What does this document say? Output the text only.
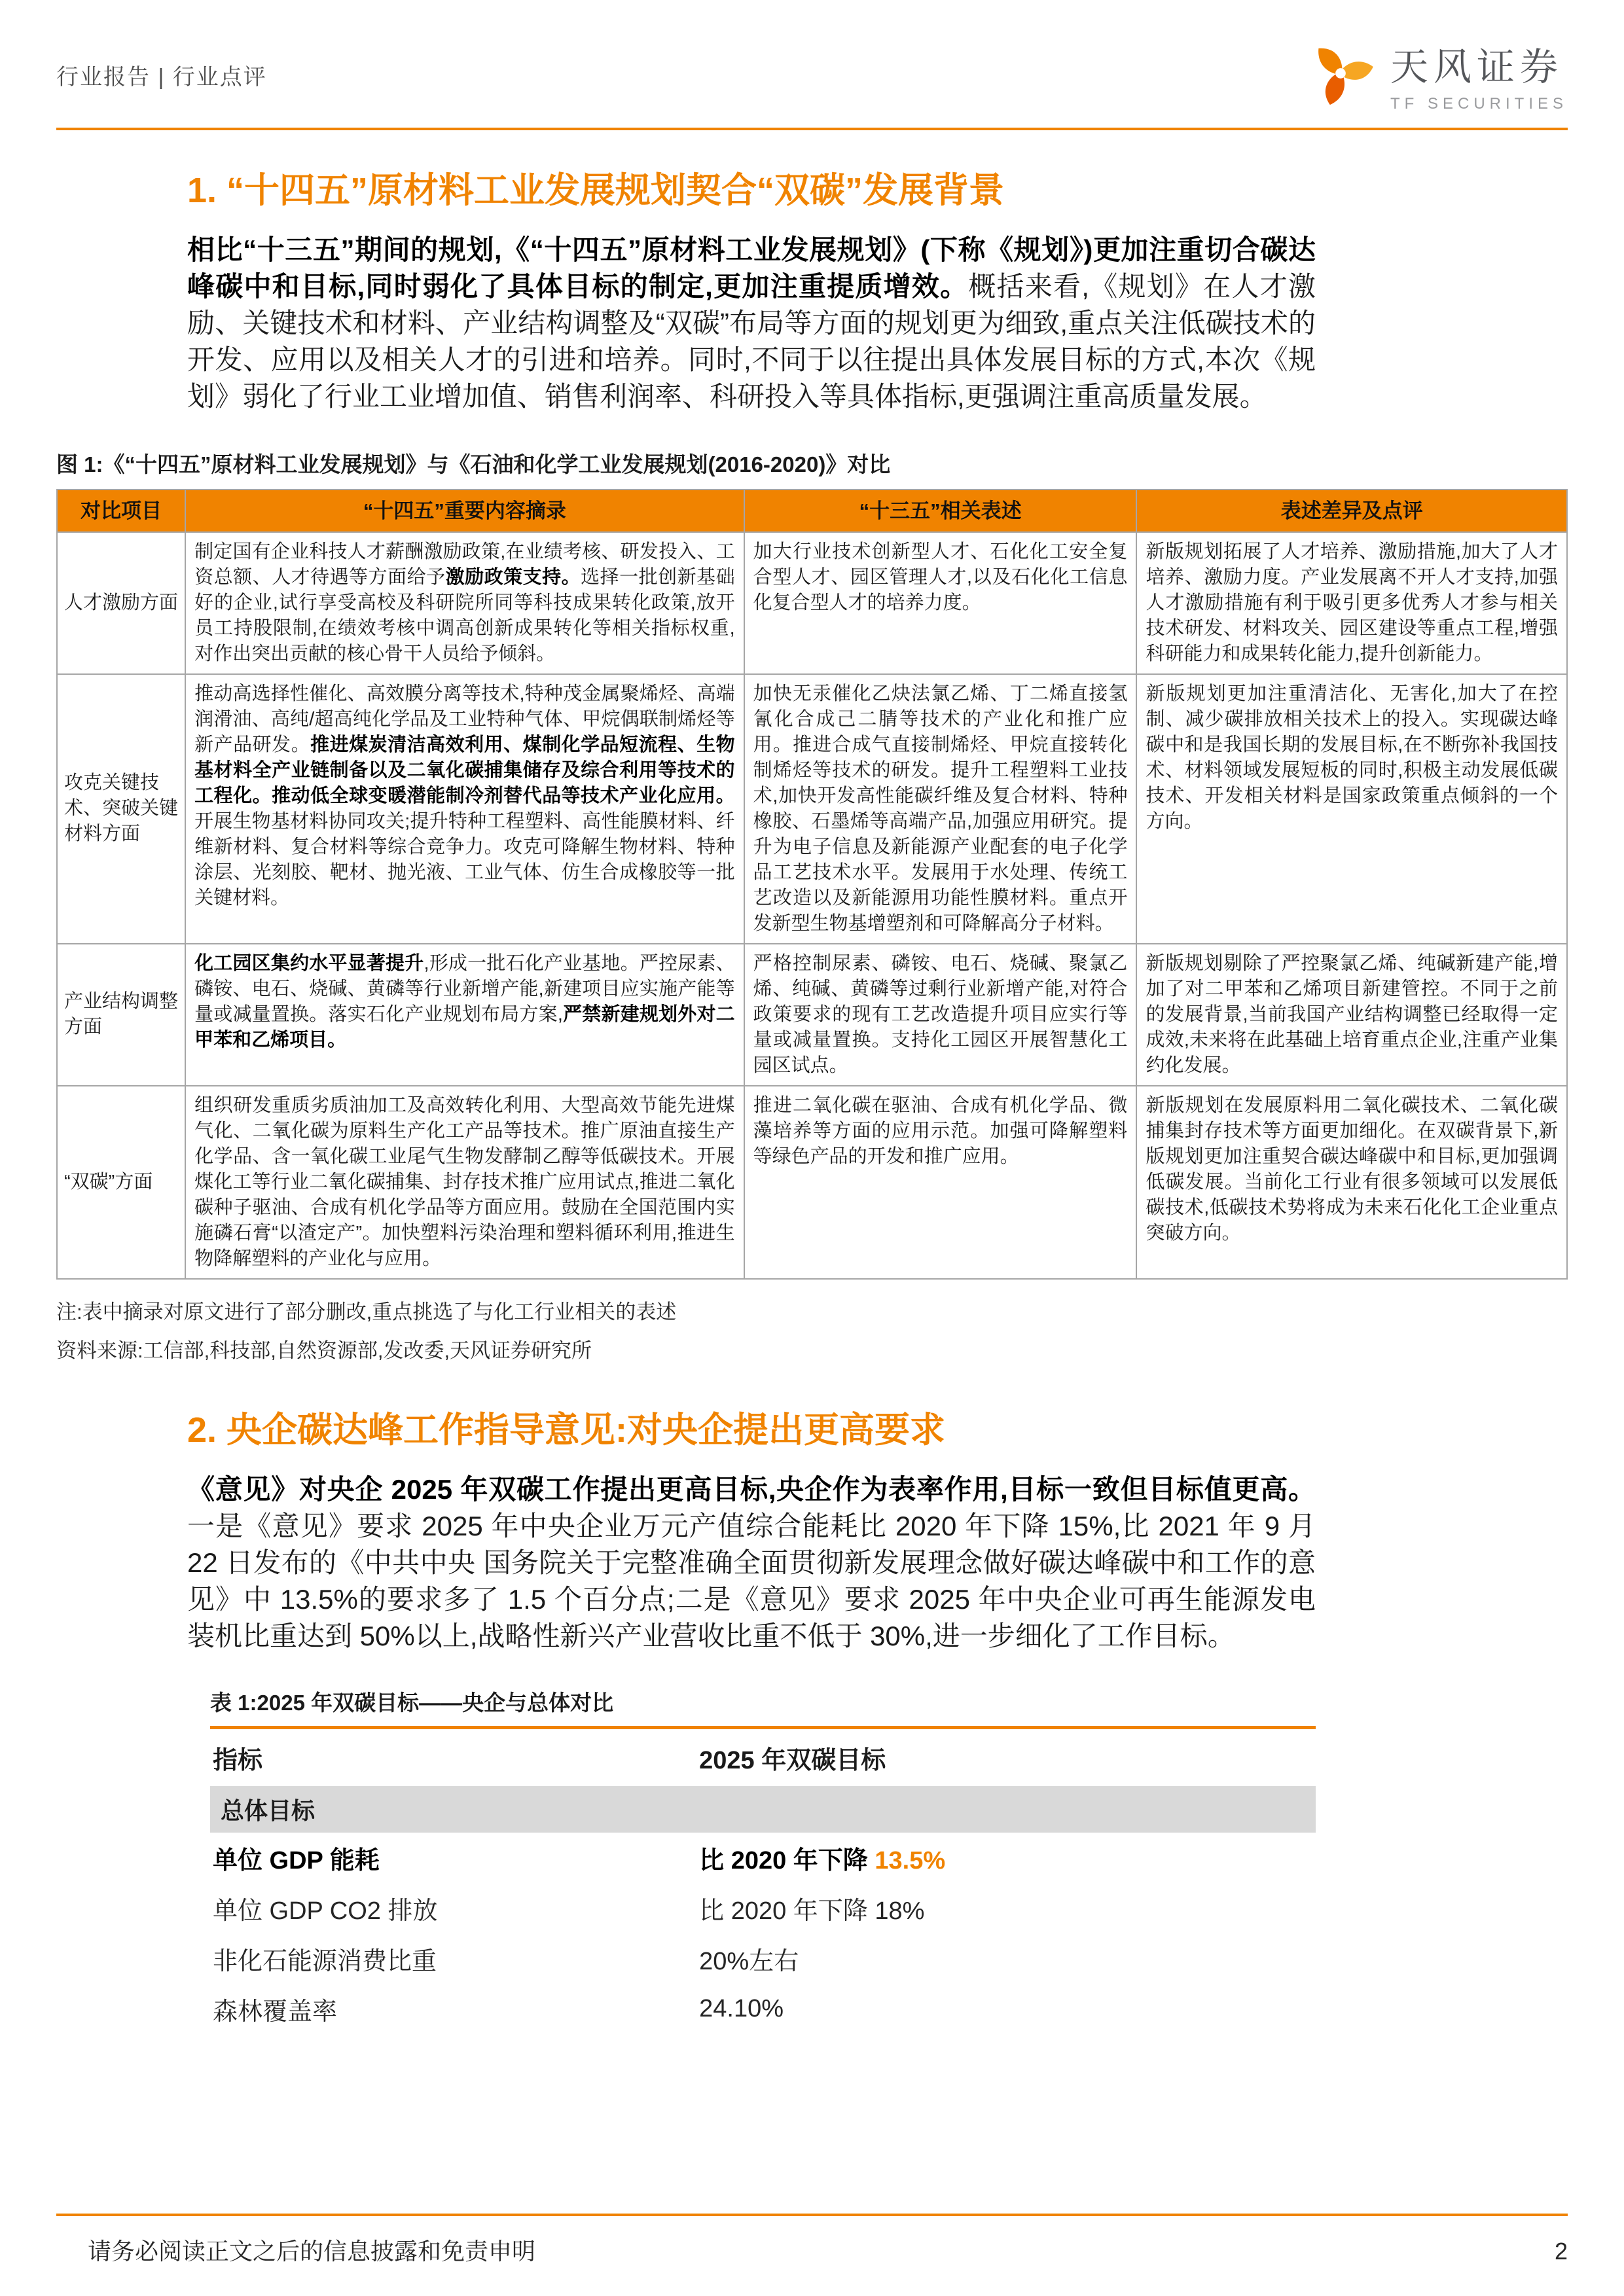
行业报告 | 行业点评	天风证券
TF SECURITIES
1. “十四五”原材料工业发展规划契合“双碳”发展背景

相比“十三五”期间的规划,《“十四五”原材料工业发展规划》(下称《规划》)更加注重切合碳达峰碳中和目标,同时弱化了具体目标的制定,更加注重提质增效。概括来看,《规划》在人才激励、关键技术和材料、产业结构调整及“双碳”布局等方面的规划更为细致,重点关注低碳技术的开发、应用以及相关人才的引进和培养。同时,不同于以往提出具体发展目标的方式,本次《规划》弱化了行业工业增加值、销售利润率、科研投入等具体指标,更强调注重高质量发展。

图 1:《“十四五”原材料工业发展规划》与《石油和化学工业发展规划(2016-2020)》对比
对比项目	“十四五”重要内容摘录	“十三五”相关表述	表述差异及点评
人才激励方面	制定国有企业科技人才薪酬激励政策,在业绩考核、研发投入、工资总额、人才待遇等方面给予激励政策支持。选择一批创新基础好的企业,试行享受高校及科研院所同等科技成果转化政策,放开员工持股限制,在绩效考核中调高创新成果转化等相关指标权重,对作出突出贡献的核心骨干人员给予倾斜。	加大行业技术创新型人才、石化化工安全复合型人才、园区管理人才,以及石化化工信息化复合型人才的培养力度。	新版规划拓展了人才培养、激励措施,加大了人才培养、激励力度。产业发展离不开人才支持,加强人才激励措施有利于吸引更多优秀人才参与相关技术研发、材料攻关、园区建设等重点工程,增强科研能力和成果转化能力,提升创新能力。
攻克关键技术、突破关键材料方面	推动高选择性催化、高效膜分离等技术,特种茂金属聚烯烃、高端润滑油、高纯/超高纯化学品及工业特种气体、甲烷偶联制烯烃等新产品研发。推进煤炭清洁高效利用、煤制化学品短流程、生物基材料全产业链制备以及二氧化碳捕集储存及综合利用等技术的工程化。推动低全球变暖潜能制冷剂替代品等技术产业化应用。开展生物基材料协同攻关;提升特种工程塑料、高性能膜材料、纤维新材料、复合材料等综合竞争力。攻克可降解生物材料、特种涂层、光刻胶、靶材、抛光液、工业气体、仿生合成橡胶等一批关键材料。	加快无汞催化乙炔法氯乙烯、丁二烯直接氢氰化合成己二腈等技术的产业化和推广应用。推进合成气直接制烯烃、甲烷直接转化制烯烃等技术的研发。提升工程塑料工业技术,加快开发高性能碳纤维及复合材料、特种橡胶、石墨烯等高端产品,加强应用研究。提升为电子信息及新能源产业配套的电子化学品工艺技术水平。发展用于水处理、传统工艺改造以及新能源用功能性膜材料。重点开发新型生物基增塑剂和可降解高分子材料。	新版规划更加注重清洁化、无害化,加大了在控制、减少碳排放相关技术上的投入。实现碳达峰碳中和是我国长期的发展目标,在不断弥补我国技术、材料领域发展短板的同时,积极主动发展低碳技术、开发相关材料是国家政策重点倾斜的一个方向。
产业结构调整方面	化工园区集约水平显著提升,形成一批石化产业基地。严控尿素、磷铵、电石、烧碱、黄磷等行业新增产能,新建项目应实施产能等量或减量置换。落实石化产业规划布局方案,严禁新建规划外对二甲苯和乙烯项目。	严格控制尿素、磷铵、电石、烧碱、聚氯乙烯、纯碱、黄磷等过剩行业新增产能,对符合政策要求的现有工艺改造提升项目应实行等量或减量置换。支持化工园区开展智慧化工园区试点。	新版规划剔除了严控聚氯乙烯、纯碱新建产能,增加了对二甲苯和乙烯项目新建管控。不同于之前的发展背景,当前我国产业结构调整已经取得一定成效,未来将在此基础上培育重点企业,注重产业集约化发展。
“双碳”方面	组织研发重质劣质油加工及高效转化利用、大型高效节能先进煤气化、二氧化碳为原料生产化工产品等技术。推广原油直接生产化学品、含一氧化碳工业尾气生物发酵制乙醇等低碳技术。开展煤化工等行业二氧化碳捕集、封存技术推广应用试点,推进二氧化碳种子驱油、合成有机化学品等方面应用。鼓励在全国范围内实施磷石膏“以渣定产”。加快塑料污染治理和塑料循环利用,推进生物降解塑料的产业化与应用。	推进二氧化碳在驱油、合成有机化学品、微藻培养等方面的应用示范。加强可降解塑料等绿色产品的开发和推广应用。	新版规划在发展原料用二氧化碳技术、二氧化碳捕集封存技术等方面更加细化。在双碳背景下,新版规划更加注重契合碳达峰碳中和目标,更加强调低碳发展。当前化工行业有很多领域可以发展低碳技术,低碳技术势将成为未来石化化工企业重点突破方向。
注:表中摘录对原文进行了部分删改,重点挑选了与化工行业相关的表述
资料来源:工信部,科技部,自然资源部,发改委,天风证券研究所
2. 央企碳达峰工作指导意见:对央企提出更高要求

《意见》对央企 2025 年双碳工作提出更高目标,央企作为表率作用,目标一致但目标值更高。一是《意见》要求 2025 年中央企业万元产值综合能耗比 2020 年下降 15%,比 2021 年 9 月 22 日发布的《中共中央 国务院关于完整准确全面贯彻新发展理念做好碳达峰碳中和工作的意见》中 13.5%的要求多了 1.5 个百分点;二是《意见》要求 2025 年中央企业可再生能源发电装机比重达到 50%以上,战略性新兴产业营收比重不低于 30%,进一步细化了工作目标。

表 1:2025 年双碳目标——央企与总体对比
指标	2025 年双碳目标
总体目标	
单位 GDP 能耗	比 2020 年下降 13.5%
单位 GDP CO2 排放	比 2020 年下降 18%
非化石能源消费比重	20%左右
森林覆盖率	24.10%
请务必阅读正文之后的信息披露和免责申明	2
